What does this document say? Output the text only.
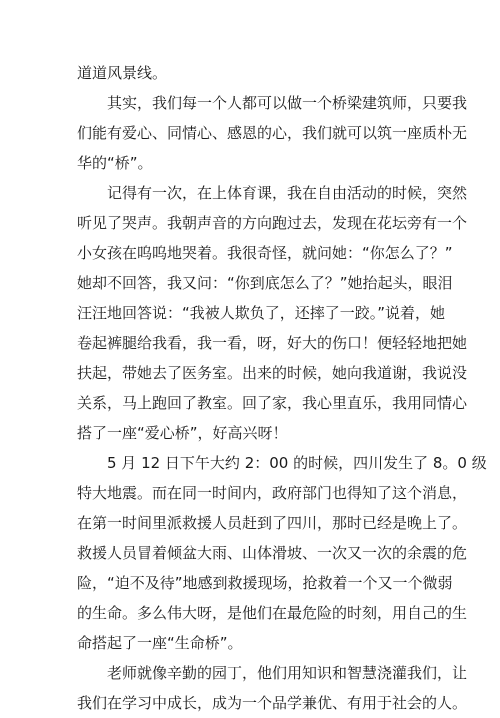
道道风景线。
其实，我们每一个人都可以做一个桥梁建筑师，只要我
们能有爱心、同情心、感恩的心，我们就可以筑一座质朴无
华的“桥”。
记得有一次，在上体育课，我在自由活动的时候，突然
听见了哭声。我朝声音的方向跑过去，发现在花坛旁有一个
小女孩在呜呜地哭着。我很奇怪，就问她：“你怎么了？”
她却不回答，我又问：“你到底怎么了？”她抬起头，眼泪
汪汪地回答说：“我被人欺负了，还摔了一跤。”说着，她
卷起裤腿给我看，我一看，呀，好大的伤口！便轻轻地把她
扶起，带她去了医务室。出来的时候，她向我道谢，我说没
关系，马上跑回了教室。回了家，我心里直乐，我用同情心
搭了一座“爱心桥”，好高兴呀！
5 月 12 日下午大约 2：00 的时候，四川发生了 8。0 级
特大地震。而在同一时间内，政府部门也得知了这个消息，
在第一时间里派救援人员赶到了四川，那时已经是晚上了。
救援人员冒着倾盆大雨、山体滑坡、一次又一次的余震的危
险，“迫不及待”地感到救援现场，抢救着一个又一个微弱
的生命。多么伟大呀，是他们在最危险的时刻，用自己的生
命搭起了一座“生命桥”。
老师就像辛勤的园丁，他们用知识和智慧浇灌我们，让
我们在学习中成长，成为一个品学兼优、有用于社会的人。
